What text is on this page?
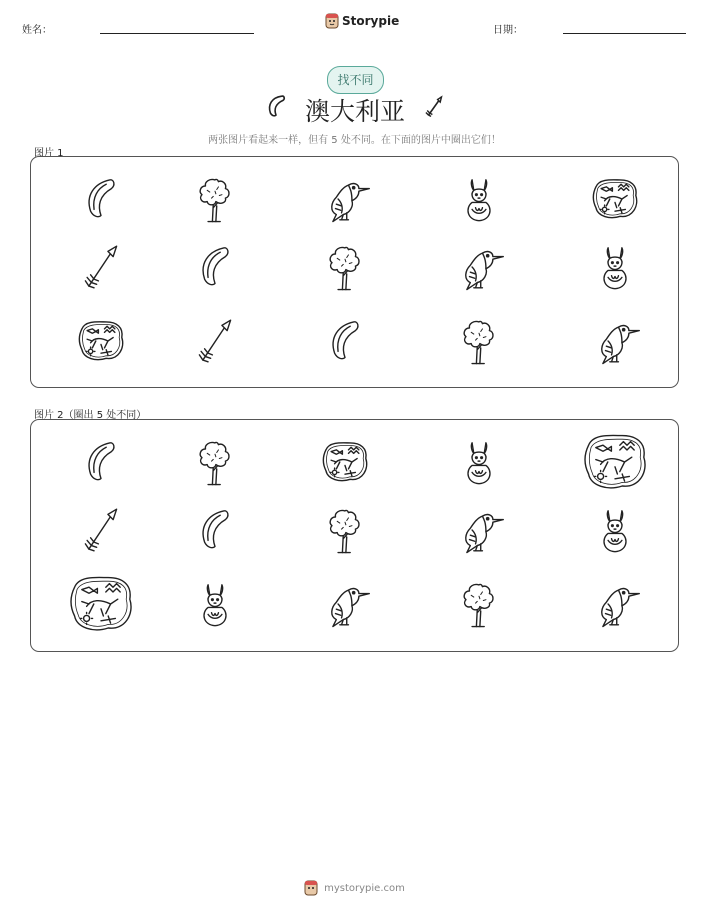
姓名：
Storypie
日期：
找不同
澳大利亚
两张图片看起来一样，但有 5 处不同。在下面的图片中圈出它们！
图片 1
图片 2（圈出 5 处不同）
mystorypie.com
